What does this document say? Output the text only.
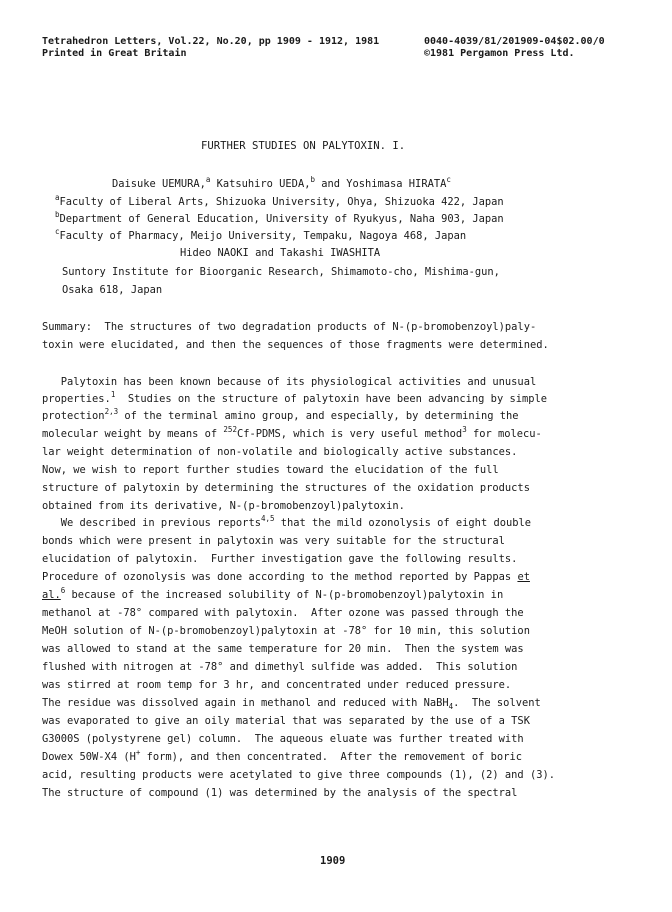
Tetrahedron Letters, Vol.22, No.20, pp 1909 - 1912, 1981
Printed in Great Britain
0040-4039/81/201909-04$02.00/0
©1981 Pergamon Press Ltd.
FURTHER STUDIES ON PALYTOXIN. I.
Daisuke UEMURA,$^a$ Katsuhiro UEDA,$^b$ and Yoshimasa HIRATA$^c$
$^a$Faculty of Liberal Arts, Shizuoka University, Ohya, Shizuoka 422, Japan
$^b$Department of General Education, University of Ryukyus, Naha 903, Japan
$^c$Faculty of Pharmacy, Meijo University, Tempaku, Nagoya 468, Japan
Hideo NAOKI and Takashi IWASHITA
Suntory Institute for Bioorganic Research, Shimamoto-cho, Mishima-gun,
Osaka 618, Japan
Summary:  The structures of two degradation products of N-(p-bromobenzoyl)paly-
toxin were elucidated, and then the sequences of those fragments were determined.
Palytoxin has been known because of its physiological activities and unusual
properties.$^1$  Studies on the structure of palytoxin have been advancing by simple
protection$^{2,3}$ of the terminal amino group, and especially, by determining the
molecular weight by means of $^{252}$Cf-PDMS, which is very useful method$^3$ for molecu-
lar weight determination of non-volatile and biologically active substances.
Now, we wish to report further studies toward the elucidation of the full
structure of palytoxin by determining the structures of the oxidation products
obtained from its derivative, N-(p-bromobenzoyl)palytoxin.
We described in previous reports$^{4,5}$ that the mild ozonolysis of eight double
bonds which were present in palytoxin was very suitable for the structural
elucidation of palytoxin.  Further investigation gave the following results.
Procedure of ozonolysis was done according to the method reported by Pappas et
al.$^6$ because of the increased solubility of N-(p-bromobenzoyl)palytoxin in
methanol at -78° compared with palytoxin.  After ozone was passed through the
MeOH solution of N-(p-bromobenzoyl)palytoxin at -78° for 10 min, this solution
was allowed to stand at the same temperature for 20 min.  Then the system was
flushed with nitrogen at -78° and dimethyl sulfide was added.  This solution
was stirred at room temp for 3 hr, and concentrated under reduced pressure.
The residue was dissolved again in methanol and reduced with NaBH$_4$.  The solvent
was evaporated to give an oily material that was separated by the use of a TSK
G3000S (polystyrene gel) column.  The aqueous eluate was further treated with
Dowex 50W-X4 (H+ form), and then concentrated.  After the removement of boric
acid, resulting products were acetylated to give three compounds (1), (2) and (3).
The structure of compound (1) was determined by the analysis of the spectral
1909
